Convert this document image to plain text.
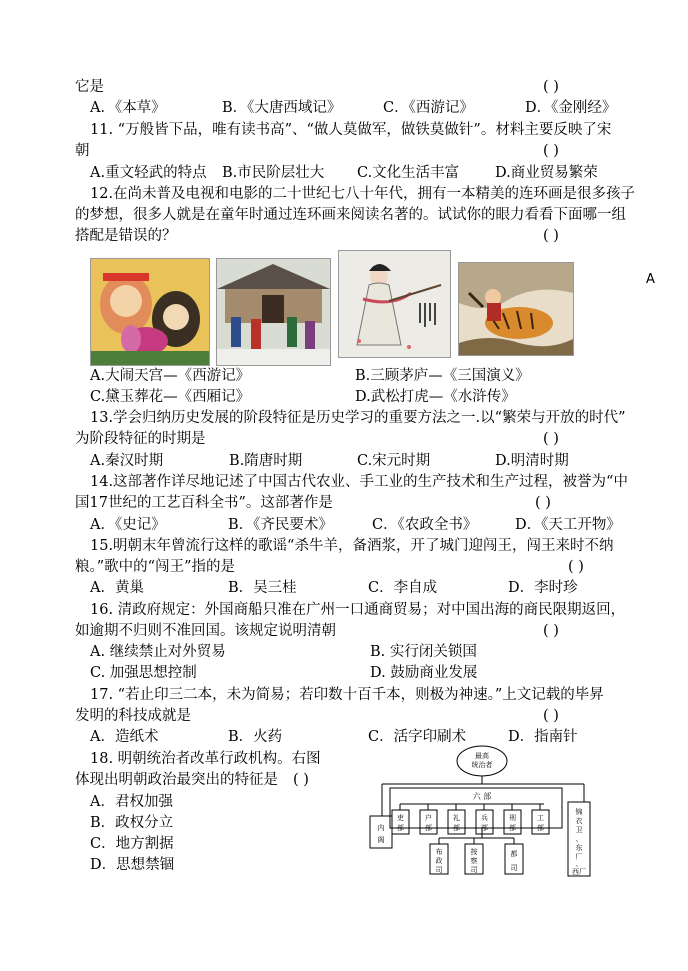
A
它是	( )
A．《本草》	B．《大唐西域记》	C．《西游记》	D．《金刚经》
11. “万般皆下品，唯有读书高”、“做人莫做军，做铁莫做针”。材料主要反映了宋
朝	( )
A.重文轻武的特点 B.市民阶层壮大 C.文化生活丰富 D.商业贸易繁荣
12.在尚未普及电视和电影的二十世纪七八十年代，拥有一本精美的连环画是很多孩子
的梦想，很多人就是在童年时通过连环画来阅读名著的。试试你的眼力看看下面哪一组
搭配是错误的？	( )
A.大闹天宫—《西游记》	B.三顾茅庐—《三国演义》
C.黛玉葬花—《西厢记》	D.武松打虎—《水浒传》
13.学会归纳历史发展的阶段特征是历史学习的重要方法之一.以“繁荣与开放的时代”
为阶段特征的时期是	( )
A.秦汉时期	B.隋唐时期	C.宋元时期	D.明清时期
14.这部著作详尽地记述了中国古代农业、手工业的生产技术和生产过程，被誉为“中
国17世纪的工艺百科全书”。这部著作是	( )
A．《史记》	B．《齐民要术》	C．《农政全书》	D．《天工开物》
15.明朝末年曾流行这样的歌谣“杀牛羊，备酒浆，开了城门迎闯王，闯王来时不纳
粮。”歌中的“闯王”指的是	( )
A．黄巢	B．吴三桂	C．李自成	D．李时珍
16. 清政府规定：外国商船只准在广州一口通商贸易；对中国出海的商民限期返回，
如逾期不归则不准回国。该规定说明清朝	( )
A. 继续禁止对外贸易	B. 实行闭关锁国
C. 加强思想控制	D. 鼓励商业发展
17. “若止印三二本，未为简易；若印数十百千本，则极为神速。”上文记载的毕昇
发明的科技成就是	( )
A．造纸术	B．火药	C．活字印刷术	D．指南针
18. 明朝统治者改革行政机构。右图
体现出明朝政治最突出的特征是 ( )
A．君权加强
B．政权分立
C．地方割据
D．思想禁锢
最高
统治者
六 部
吏
部
户
部
礼
部
兵
部
刑
部
工
部
内
阁
锦
衣
卫
、
东
厂
、
西厂
布
政
司
按
察
司
都
司
